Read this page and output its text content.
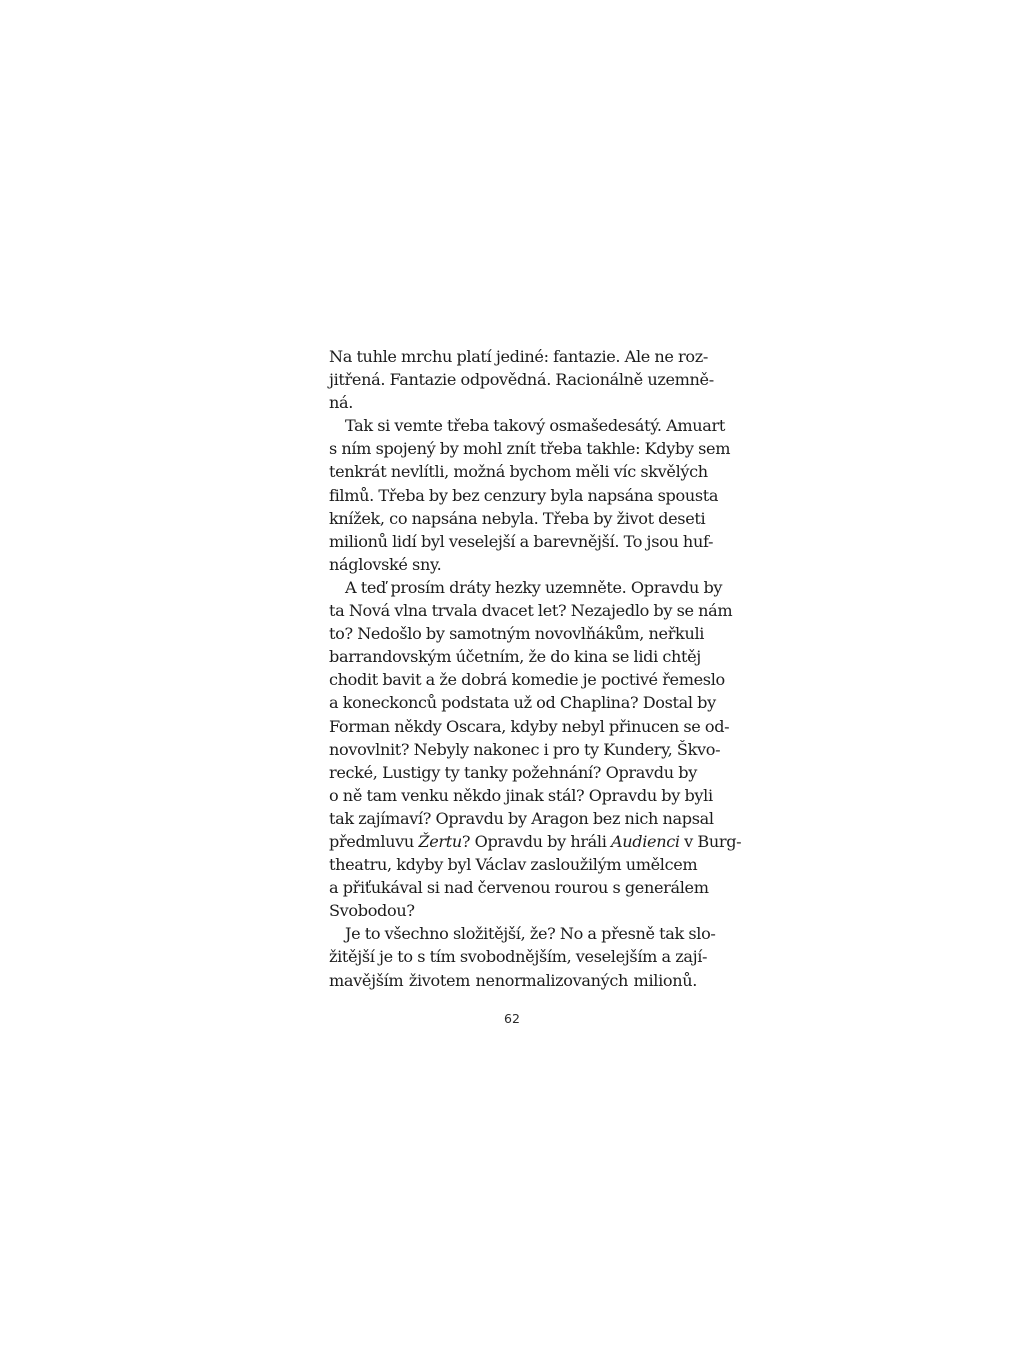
Na tuhle mrchu platí jediné: fantazie. Ale ne roz-
jitřená. Fantazie odpovědná. Racionálně uzemně-
ná.
Tak si vemte třeba takový osmašedesátý. Amuart
s ním spojený by mohl znít třeba takhle: Kdyby sem
tenkrát nevlítli, možná bychom měli víc skvělých
filmů. Třeba by bez cenzury byla napsána spousta
knížek, co napsána nebyla. Třeba by život deseti
milionů lidí byl veselejší a barevnější. To jsou huf-
náglovské sny.
A teď prosím dráty hezky uzemněte. Opravdu by
ta Nová vlna trvala dvacet let? Nezajedlo by se nám
to? Nedošlo by samotným novovlňákům, neřkuli
barrandovským účetním, že do kina se lidi chtěj
chodit bavit a že dobrá komedie je poctivé řemeslo
a koneckonců podstata už od Chaplina? Dostal by
Forman někdy Oscara, kdyby nebyl přinucen se od-
novovlnit? Nebyly nakonec i pro ty Kundery, Škvo-
recké, Lustigy ty tanky požehnání? Opravdu by
o ně tam venku někdo jinak stál? Opravdu by byli
tak zajímaví? Opravdu by Aragon bez nich napsal
předmluvu Žertu? Opravdu by hráli Audienci v Burg-
theatru, kdyby byl Václav zasloužilým umělcem
a přiťukával si nad červenou rourou s generálem
Svobodou?
Je to všechno složitější, že? No a přesně tak slo-
žitější je to s tím svobodnějším, veselejším a zají-
mavějším životem nenormalizovaných milionů.
62
